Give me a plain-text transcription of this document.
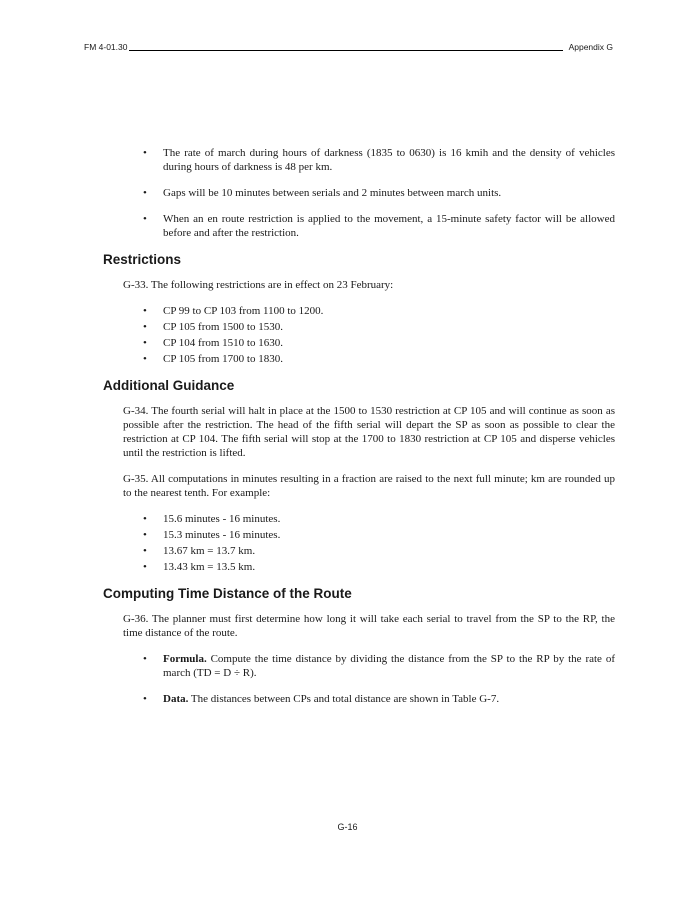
FM 4-01.30	Appendix G
• The rate of march during hours of darkness (1835 to 0630) is 16 kmih and the density of vehicles during hours of darkness is 48 per km.
• Gaps will be 10 minutes between serials and 2 minutes between march units.
• When an en route restriction is applied to the movement, a 15-minute safety factor will be allowed before and after the restriction.
Restrictions

G-33. The following restrictions are in effect on 23 February:

• CP 99 to CP 103 from 1100 to 1200.
• CP 105 from 1500 to 1530.
• CP 104 from 1510 to 1630.
• CP 105 from 1700 to 1830.
Additional Guidance

G-34. The fourth serial will halt in place at the 1500 to 1530 restriction at CP 105 and will continue as soon as possible after the restriction. The head of the fifth serial will depart the SP as soon as possible to clear the restriction at CP 104. The fifth serial will stop at the 1700 to 1830 restriction at CP 105 and disperse vehicles until the restriction is lifted.

G-35. All computations in minutes resulting in a fraction are raised to the next full minute; km are rounded up to the nearest tenth. For example:

• 15.6 minutes - 16 minutes.
• 15.3 minutes - 16 minutes.
• 13.67 km = 13.7 km.
• 13.43 km = 13.5 km.
Computing Time Distance of the Route

G-36. The planner must first determine how long it will take each serial to travel from the SP to the RP, the time distance of the route.

• Formula. Compute the time distance by dividing the distance from the SP to the RP by the rate of march (TD = D ÷ R).
• Data. The distances between CPs and total distance are shown in Table G-7.
G-16
